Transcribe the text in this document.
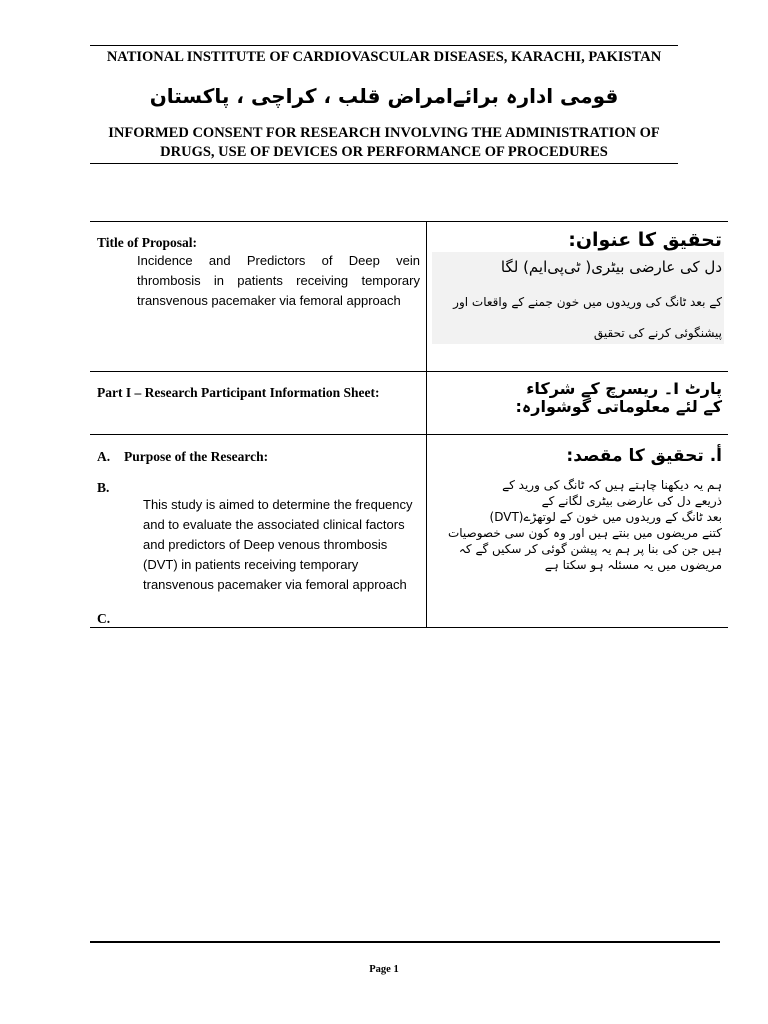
NATIONAL INSTITUTE OF CARDIOVASCULAR DISEASES, KARACHI, PAKISTAN
قومی ادارہ برائےامراض قلب ، کراچی ، پاکستان
INFORMED CONSENT FOR RESEARCH INVOLVING THE ADMINISTRATION OF
DRUGS, USE OF DEVICES OR PERFORMANCE OF PROCEDURES
Title of Proposal:
Incidence and Predictors of Deep vein thrombosis in patients receiving temporary transvenous pacemaker via femoral approach
تحقیق کا عنوان:
دل کی عارضی بیٹری( ٹی‌پی‌ایم) لگا
کے بعد ٹانگ کی وریدوں میں خون جمنے کے واقعات اور
پیشنگوئی کرنے کی تحقیق
Part I – Research Participant Information Sheet:	پارٹ I۔ ریسرچ کے شرکاء
کے لئے معلوماتی گوشوارہ:
A. Purpose of the Research:
B.
This study is aimed to determine the frequency and to evaluate the associated clinical factors and predictors of Deep venous thrombosis (DVT) in patients receiving temporary transvenous pacemaker via femoral approach
C.
أ. تحقیق کا مقصد:
ہم یہ دیکھنا چاہتے ہیں کہ ٹانگ کی ورید کے
ذریعے دل کی عارضی بیٹری لگانے کے
بعد ٹانگ کے وریدوں میں خون کے لوتھڑے(DVT)
کتنے مریضوں میں بنتے ہیں اور وہ کون سی خصوصیات
ہیں جن کی بنا پر ہم یہ پیشن گوئی کر سکیں گے کہ
مریضوں میں یہ مسئلہ ہو سکتا ہے
Page 1
